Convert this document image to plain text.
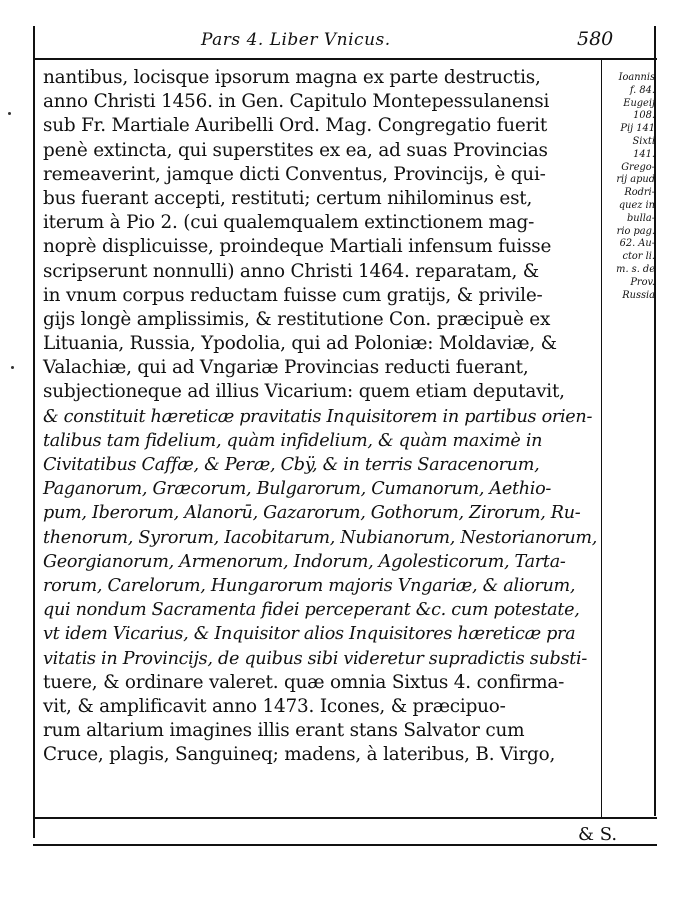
Pars 4. Liber Vnicus.	580
nantibus, locisque ipsorum magna ex parte destructis,
anno Christi 1456. in Gen. Capitulo Montepessulanensi
sub Fr. Martiale Auribelli Ord. Mag. Congregatio fuerit
penè extincta, qui superstites ex ea, ad suas Provincias
remeaverint, jamque dicti Conventus, Provincijs, è qui-
bus fuerant accepti, restituti; certum nihilominus est,
iterum à Pio 2. (cui qualemqualem extinctionem mag-
noprè displicuisse, proindeque Martiali infensum fuisse
scripserunt nonnulli) anno Christi 1464. reparatam, &
in vnum corpus reductam fuisse cum gratijs, & privile-
gijs longè amplissimis, & restitutione Con. præcipuè ex
Lituania, Russia, Ypodolia, qui ad Poloniæ: Moldaviæ, &
Valachiæ, qui ad Vngariæ Provincias reducti fuerant,
subjectioneque ad illius Vicarium: quem etiam deputavit,
& constituit hæreticæ pravitatis Inquisitorem in partibus orien-
talibus tam fidelium, quàm infidelium, & quàm maximè in
Civitatibus Caffæ, & Peræ, Cbÿ, & in terris Saracenorum,
Paganorum, Græcorum, Bulgarorum, Cumanorum, Aethio-
pum, Iberorum, Alanorū, Gazarorum, Gothorum, Zirorum, Ru-
thenorum, Syrorum, Iacobitarum, Nubianorum, Nestorianorum,
Georgianorum, Armenorum, Indorum, Agolesticorum, Tarta-
rorum, Carelorum, Hungarorum majoris Vngariæ, & aliorum,
qui nondum Sacramenta fidei perceperant &c. cum potestate,
vt idem Vicarius, & Inquisitor alios Inquisitores hæreticæ pra
vitatis in Provincijs, de quibus sibi videretur supradictis substi-
tuere, & ordinare valeret. quæ omnia Sixtus 4. confirma-
vit, & amplificavit anno 1473. Icones, & præcipuo-
rum altarium imagines illis erant stans Salvator cum
Cruce, plagis, Sanguineq; madens, à lateribus, B. Virgo,
Ioannis
f. 84.
Eugeij
108.
Pij 141
Sixti
141.
Grego-
rij apud
Rodri-
quez in
bulla-
rio pag.
62. Au-
ctor li.
m. s. de
Prov.
Russia
& S.
